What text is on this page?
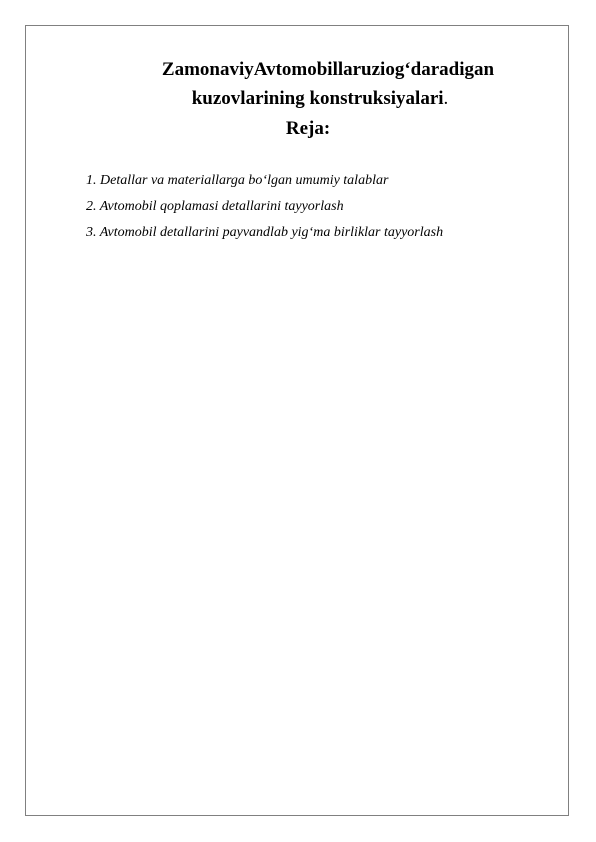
ZamonaviyAvtomobillaruziog‘daradigan
kuzovlarining konstruksiyalari.
Reja:
1. Detallar va materiallarga bo‘lgan umumiy talablar
2. Avtomobil qoplamasi detallarini tayyorlash
3. Avtomobil detallarini payvandlab yig‘ma birliklar tayyorlash
